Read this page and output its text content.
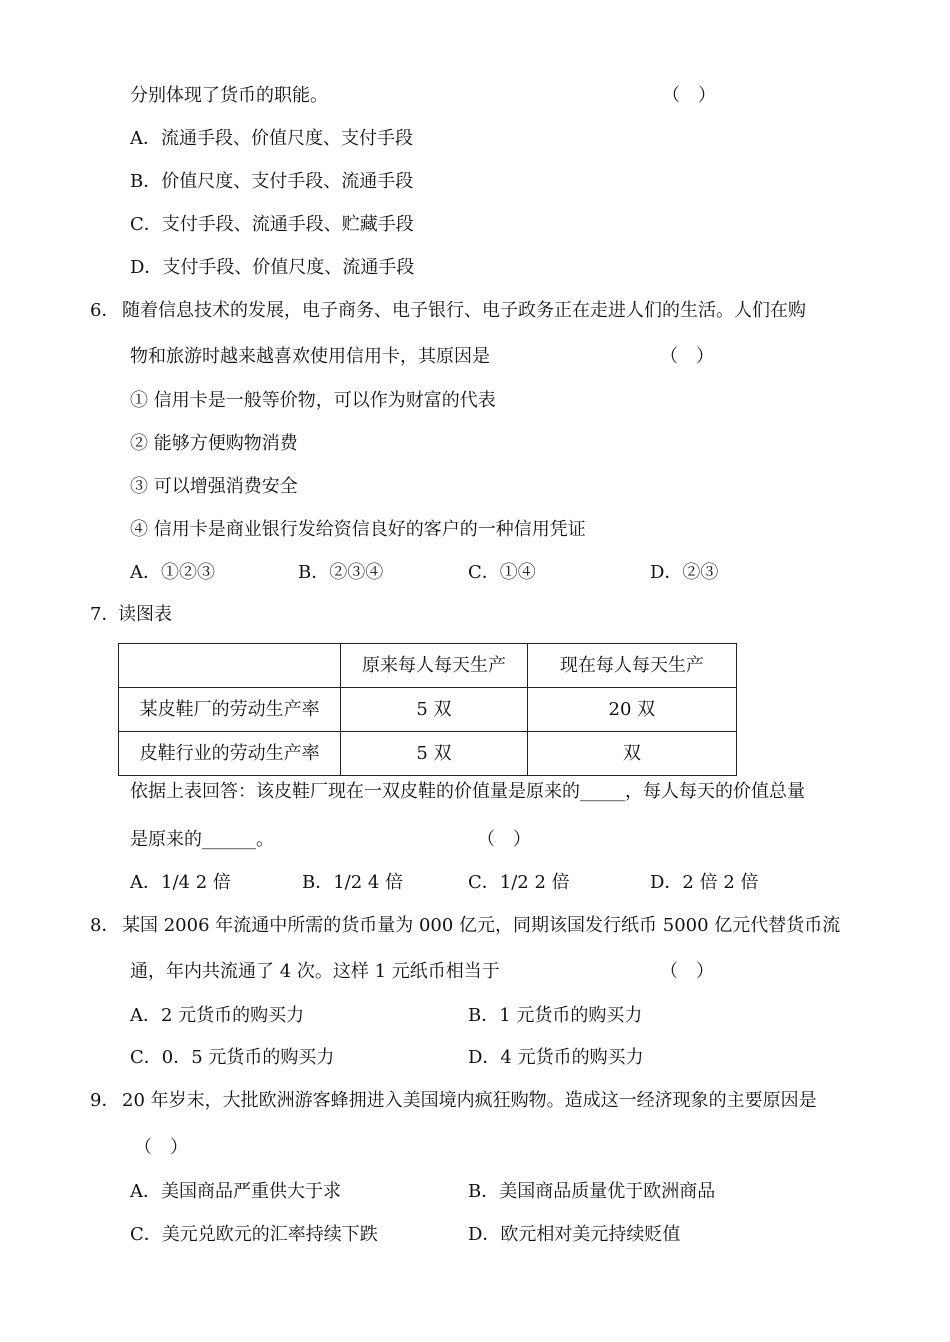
分别体现了货币的职能。	（　）
A．流通手段、价值尺度、支付手段
B．价值尺度、支付手段、流通手段
C．支付手段、流通手段、贮藏手段
D．支付手段、价值尺度、流通手段
6． 随着信息技术的发展，电子商务、电子银行、电子政务正在走进人们的生活。人们在购
物和旅游时越来越喜欢使用信用卡，其原因是	（　）
① 信用卡是一般等价物，可以作为财富的代表
② 能够方便购物消费
③ 可以增强消费安全
④ 信用卡是商业银行发给资信良好的客户的一种信用凭证
A．①②③	B．②③④	C．①④	D．②③
7．
读图表
	原来每人每天生产	现在每人每天生产
某皮鞋厂的劳动生产率	5 双	20 双
皮鞋行业的劳动生产率	5 双	双
依据上表回答：该皮鞋厂现在一双皮鞋的价值量是原来的_____，每人每天的价值总量
是原来的______。	（　）
A．1/4 2 倍	B．1/2 4 倍	C．1/2 2 倍	D．2 倍 2 倍
8． 某国 2006 年流通中所需的货币量为 000 亿元，同期该国发行纸币 5000 亿元代替货币流
通，年内共流通了 4 次。这样 1 元纸币相当于	（　）
A．2 元货币的购买力	B．1 元货币的购买力
C．0．5 元货币的购买力	D．4 元货币的购买力
9． 20 年岁末，大批欧洲游客蜂拥进入美国境内疯狂购物。造成这一经济现象的主要原因是
（　）
A．美国商品严重供大于求	B．美国商品质量优于欧洲商品
C．美元兑欧元的汇率持续下跌	D．欧元相对美元持续贬值
